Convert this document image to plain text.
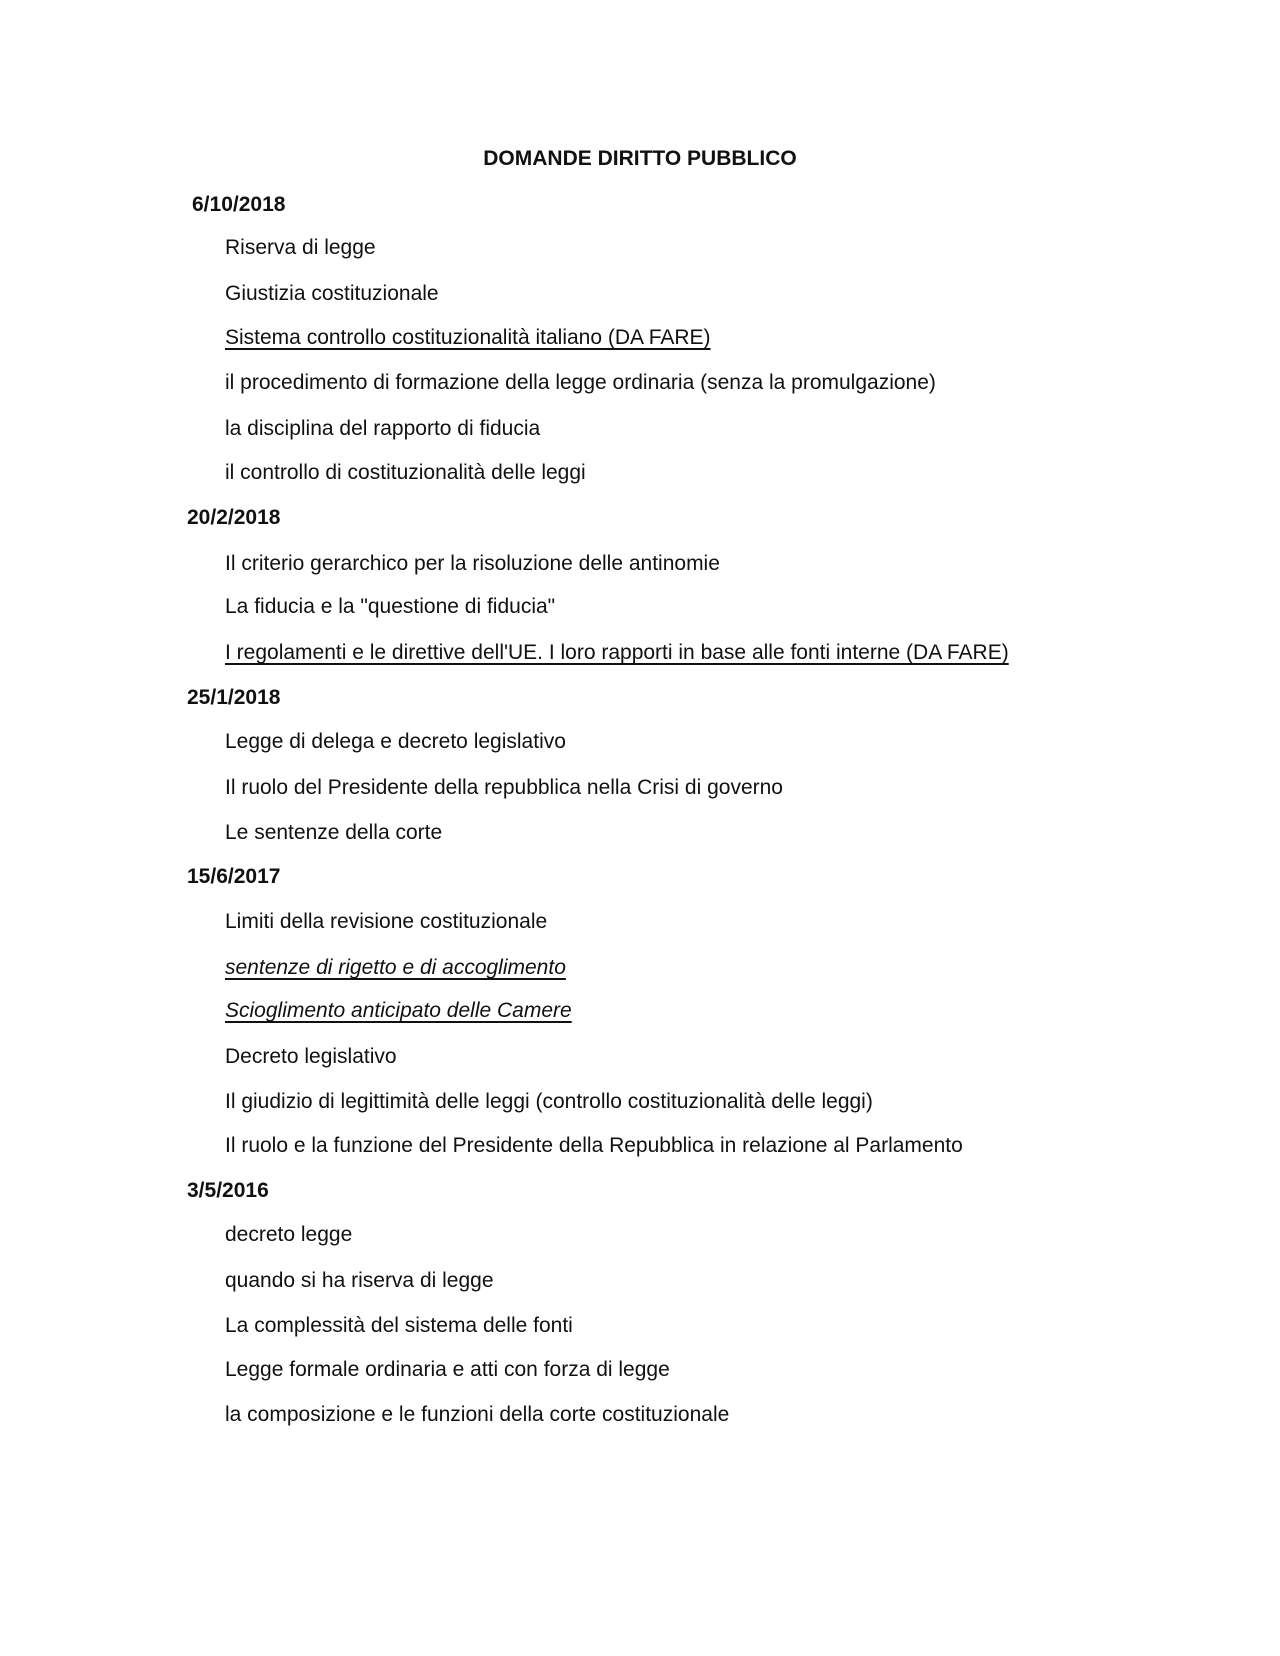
DOMANDE DIRITTO PUBBLICO
6/10/2018
Riserva di legge
Giustizia costituzionale
Sistema controllo costituzionalità italiano (DA FARE)
il procedimento di formazione della legge ordinaria (senza la promulgazione)
la disciplina del rapporto di fiducia
il controllo di costituzionalità delle leggi
20/2/2018
Il criterio gerarchico per la risoluzione delle antinomie
La fiducia e la "questione di fiducia"
I regolamenti e le direttive dell'UE. I loro rapporti in base alle fonti interne (DA FARE)
25/1/2018
Legge di delega e decreto legislativo
Il ruolo del Presidente della repubblica nella Crisi di governo
Le sentenze della corte
15/6/2017
Limiti della revisione costituzionale
sentenze di rigetto e di accoglimento
Scioglimento anticipato delle Camere
Decreto legislativo
Il giudizio di legittimità delle leggi (controllo costituzionalità delle leggi)
Il ruolo e la funzione del Presidente della Repubblica in relazione al Parlamento
3/5/2016
decreto legge
quando si ha riserva di legge
La complessità del sistema delle fonti
Legge formale ordinaria e atti con forza di legge
la composizione e le funzioni della corte costituzionale
